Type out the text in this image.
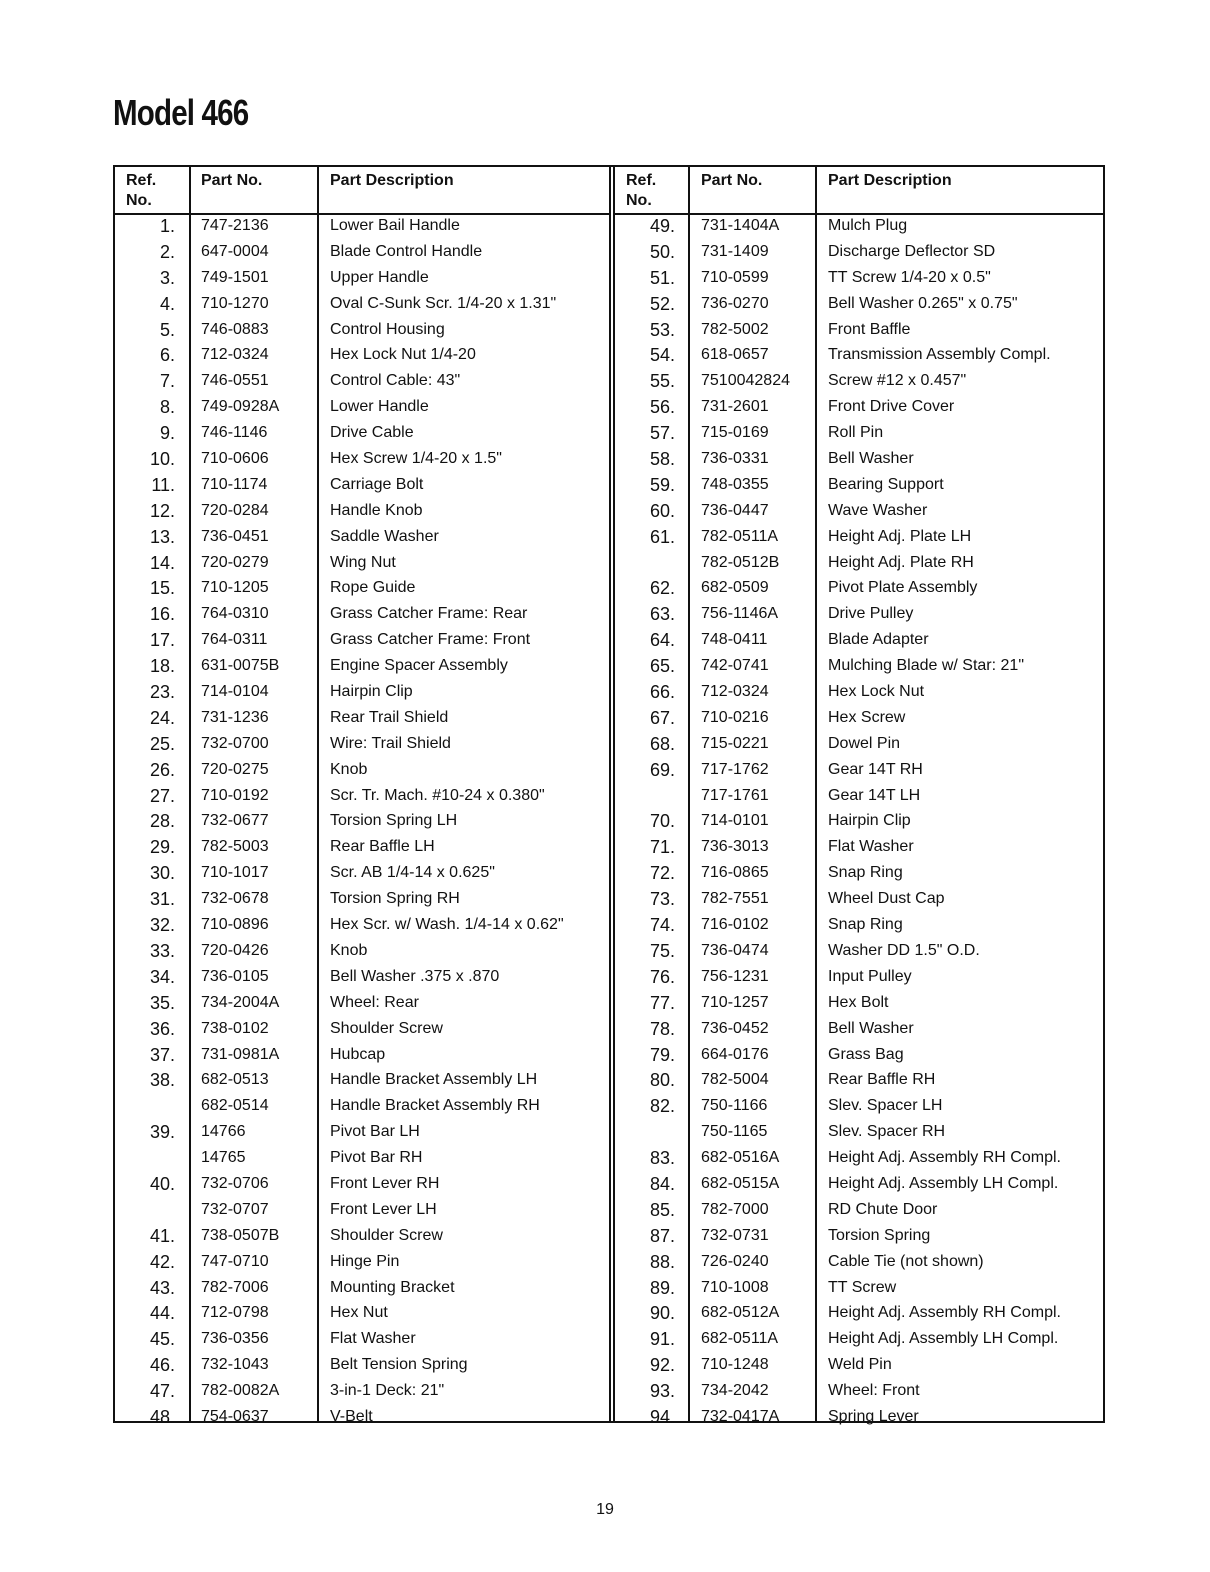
Model 466
Ref.
No.
Part No.	Part Description
1. 747-2136	Lower Bail Handle
2. 647-0004	Blade Control Handle
3. 749-1501	Upper Handle
4. 710-1270	Oval C-Sunk Scr. 1/4-20 x 1.31"
5. 746-0883	Control Housing
6. 712-0324	Hex Lock Nut 1/4-20
7. 746-0551	Control Cable: 43"
8. 749-0928A	Lower Handle
9. 746-1146	Drive Cable
10. 710-0606	Hex Screw 1/4-20 x 1.5"
11. 710-1174	Carriage Bolt
12. 720-0284	Handle Knob
13. 736-0451	Saddle Washer
14. 720-0279	Wing Nut
15. 710-1205	Rope Guide
16. 764-0310	Grass Catcher Frame: Rear
17. 764-0311	Grass Catcher Frame: Front
18. 631-0075B	Engine Spacer Assembly
23. 714-0104	Hairpin Clip
24. 731-1236	Rear Trail Shield
25. 732-0700	Wire: Trail Shield
26. 720-0275	Knob
27. 710-0192	Scr. Tr. Mach. #10-24 x 0.380"
28. 732-0677	Torsion Spring LH
29. 782-5003	Rear Baffle LH
30. 710-1017	Scr. AB 1/4-14 x 0.625"
31. 732-0678	Torsion Spring RH
32. 710-0896	Hex Scr. w/ Wash. 1/4-14 x 0.62"
33. 720-0426	Knob
34. 736-0105	Bell Washer .375 x .870
35. 734-2004A	Wheel: Rear
36. 738-0102	Shoulder Screw
37. 731-0981A	Hubcap
38. 682-0513	Handle Bracket Assembly LH
682-0514	Handle Bracket Assembly RH
39. 14766	Pivot Bar LH
14765	Pivot Bar RH
40. 732-0706	Front Lever RH
732-0707	Front Lever LH
41. 738-0507B	Shoulder Screw
42. 747-0710	Hinge Pin
43. 782-7006	Mounting Bracket
44. 712-0798	Hex Nut
45. 736-0356	Flat Washer
46. 732-1043	Belt Tension Spring
47. 782-0082A	3-in-1 Deck: 21"
48. 754-0637	V-Belt
Ref.
No.
Part No.	Part Description
49. 731-1404A	Mulch Plug
50. 731-1409	Discharge Deflector SD
51. 710-0599	TT Screw 1/4-20 x 0.5"
52. 736-0270	Bell Washer 0.265" x 0.75"
53. 782-5002	Front Baffle
54. 618-0657	Transmission Assembly Compl.
55. 7510042824 Screw #12 x 0.457"
56. 731-2601	Front Drive Cover
57. 715-0169	Roll Pin
58. 736-0331	Bell Washer
59. 748-0355	Bearing Support
60. 736-0447	Wave Washer
61. 782-0511A	Height Adj. Plate LH
782-0512B	Height Adj. Plate RH
62. 682-0509	Pivot Plate Assembly
63. 756-1146A	Drive Pulley
64. 748-0411	Blade Adapter
65. 742-0741	Mulching Blade w/ Star: 21"
66. 712-0324	Hex Lock Nut
67. 710-0216	Hex Screw
68. 715-0221	Dowel Pin
69. 717-1762	Gear 14T RH
717-1761	Gear 14T LH
70. 714-0101	Hairpin Clip
71. 736-3013	Flat Washer
72. 716-0865	Snap Ring
73. 782-7551	Wheel Dust Cap
74. 716-0102	Snap Ring
75. 736-0474	Washer DD 1.5" O.D.
76. 756-1231	Input Pulley
77. 710-1257	Hex Bolt
78. 736-0452	Bell Washer
79. 664-0176	Grass Bag
80. 782-5004	Rear Baffle RH
82. 750-1166	Slev. Spacer LH
750-1165	Slev. Spacer RH
83. 682-0516A	Height Adj. Assembly RH Compl.
84. 682-0515A	Height Adj. Assembly LH Compl.
85. 782-7000	RD Chute Door
87. 732-0731	Torsion Spring
88. 726-0240	Cable Tie (not shown)
89. 710-1008	TT Screw
90. 682-0512A	Height Adj. Assembly RH Compl.
91. 682-0511A	Height Adj. Assembly LH Compl.
92. 710-1248	Weld Pin
93. 734-2042	Wheel: Front
94. 732-0417A	Spring Lever
19
